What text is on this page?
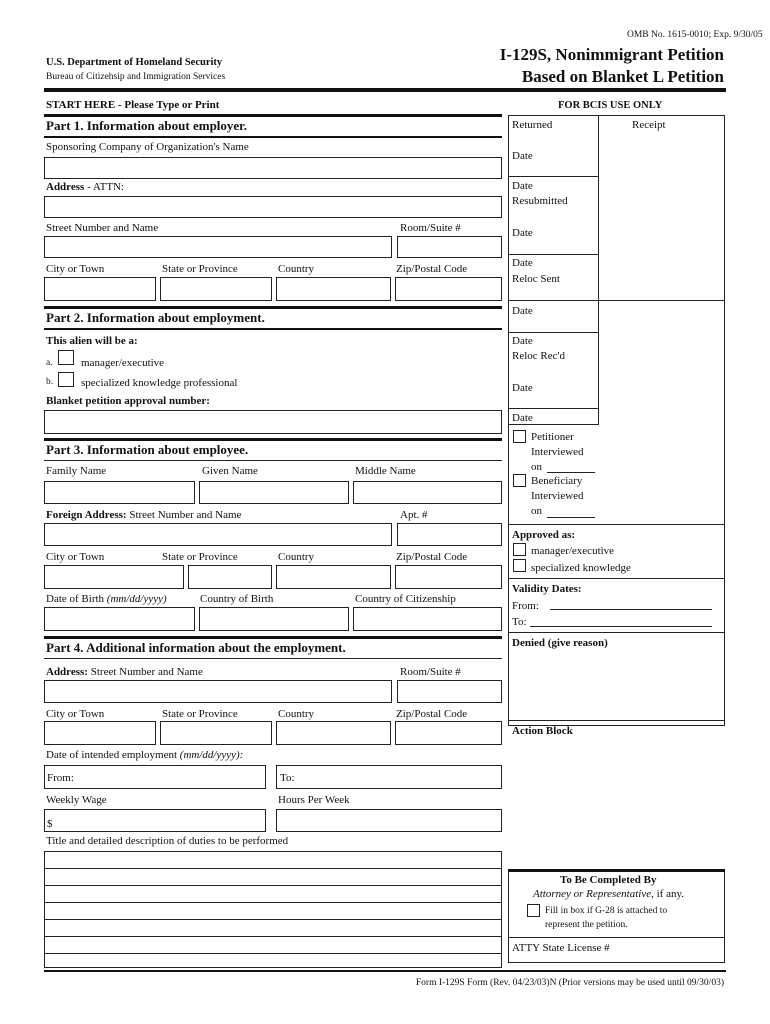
OMB No. 1615-0010; Exp. 9/30/05
U.S. Department of Homeland Security
Bureau of Citizehsip and Immigration Services
I-129S, Nonimmigrant Petition
Based on Blanket L Petition
START HERE - Please Type or Print	FOR BCIS USE ONLY
Part 1. Information about employer.
Sponsoring Company of Organization's Name
Address - ATTN:
Street Number and Name	Room/Suite #
City or Town	State or Province	Country	Zip/Postal Code
Part 2. Information about employment.
This alien will be a:
a.	manager/executive
b.	specialized knowledge professional
Blanket petition approval number:
Part 3. Information about employee.
Family Name	Given Name	Middle Name
Foreign Address: Street Number and Name	Apt. #
City or Town	State or Province	Country	Zip/Postal Code
Date of Birth (mm/dd/yyyy)	Country of Birth	Country of Citizenship
Part 4. Additional information about the employment.
Address: Street Number and Name	Room/Suite #
City or Town	State or Province	Country	Zip/Postal Code
Date of intended employment (mm/dd/yyyy):
From:	To:
Weekly Wage	Hours Per Week
$
Title and detailed description of duties to be performed
Returned	Receipt
Date
Date
Resubmitted
Date
Date
Reloc Sent
Date
Date
Reloc Rec'd
Date
Date
Petitioner
Interviewed
on
Beneficiary
Interviewed
on
Approved as:
manager/executive
specialized knowledge
Validity Dates:
From:
To:
Denied (give reason)
Action Block
To Be Completed By
Attorney or Representative, if any.
Fill in box if G-28 is attached to
represent the petition.
ATTY State License #
Form I-129S Form (Rev. 04/23/03)N (Prior versions may be used until 09/30/03)
